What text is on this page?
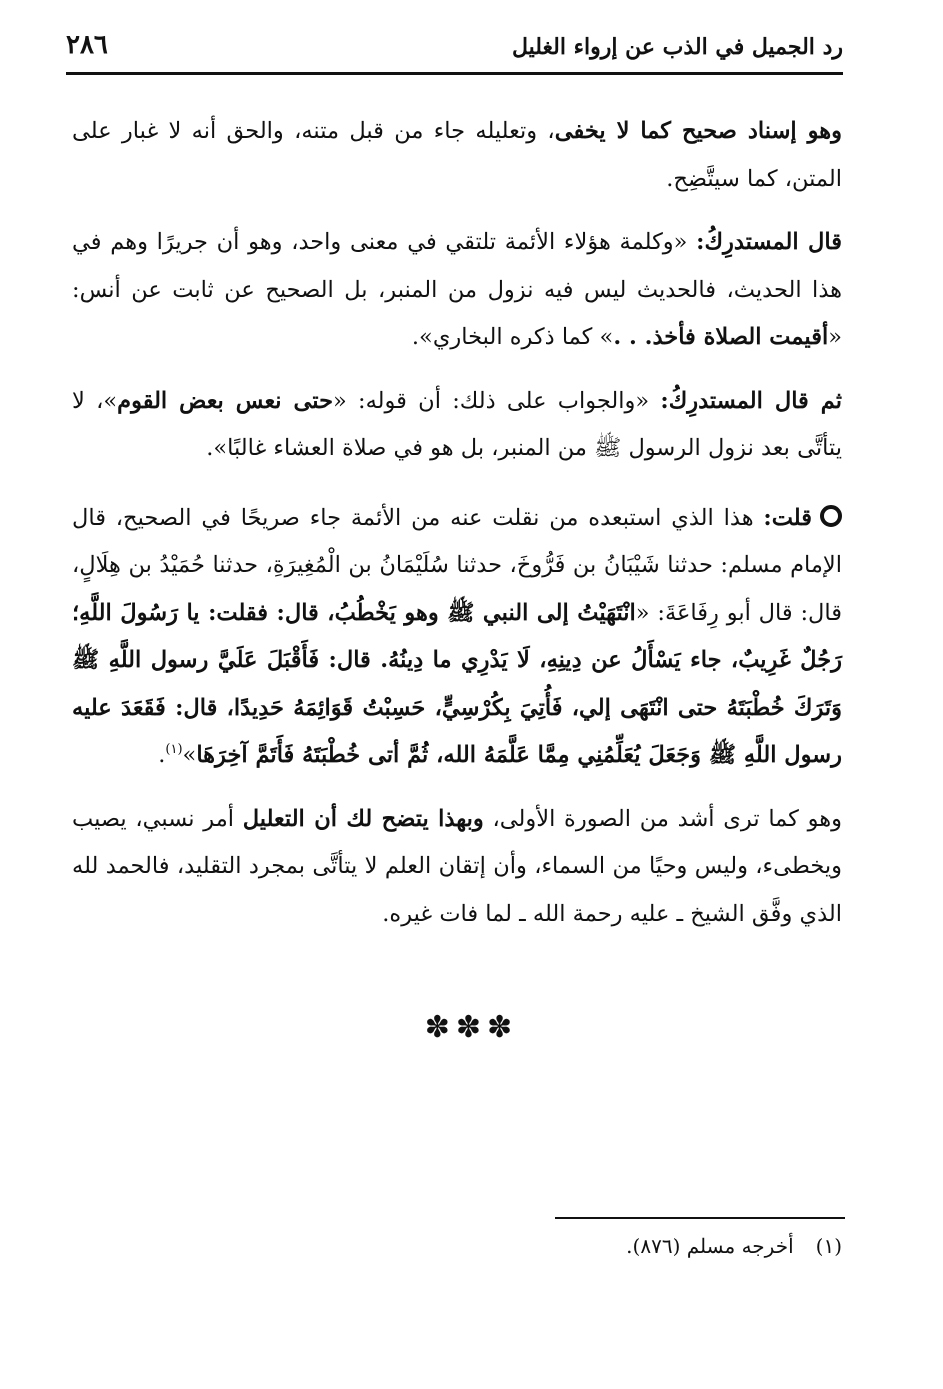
٢٨٦	رد الجميل في الذب عن إرواء الغليل

وهو إسناد صحيح كما لا يخفى، وتعليله جاء من قبل متنه، والحق أنه لا غبار على المتن، كما سيتَّضِح.

قال المستدرِكُ: «وكلمة هؤلاء الأئمة تلتقي في معنى واحد، وهو أن جريرًا وهم في هذا الحديث، فالحديث ليس فيه نزول من المنبر، بل الصحيح عن ثابت عن أنس: «أقيمت الصلاة فأخذ. . .» كما ذكره البخاري».

ثم قال المستدرِكُ: «والجواب على ذلك: أن قوله: «حتى نعس بعض القوم»، لا يتأتَّى بعد نزول الرسول ﷺ من المنبر، بل هو في صلاة العشاء غالبًا».

قلت: هذا الذي استبعده من نقلت عنه من الأئمة جاء صريحًا في الصحيح، قال الإمام مسلم: حدثنا شَيْبَانُ بن فَرُّوخَ، حدثنا سُلَيْمَانُ بن الْمُغِيرَةِ، حدثنا حُمَيْدُ بن هِلَالٍ، قال: قال أبو رِفَاعَةَ: «انْتَهَيْتُ إلى النبي ﷺ وهو يَخْطُبُ، قال: فقلت: يا رَسُولَ اللَّهِ؛ رَجُلٌ غَرِيبٌ، جاء يَسْأَلُ عن دِينِهِ، لَا يَدْرِي ما دِينُهُ. قال: فَأَقْبَلَ عَلَيَّ رسول اللَّهِ ﷺ وَتَرَكَ خُطْبَتَهُ حتى انْتَهَى إلي، فَأُتِيَ بِكُرْسِيٍّ، حَسِبْتُ قَوَائِمَهُ حَدِيدًا، قال: فَقَعَدَ عليه رسول اللَّهِ ﷺ وَجَعَلَ يُعَلِّمُنِي مِمَّا عَلَّمَهُ الله، ثُمَّ أتى خُطْبَتَهُ فَأَتَمَّ آخِرَهَا»$^{(١)}$.

وهو كما ترى أشد من الصورة الأولى، وبهذا يتضح لك أن التعليل أمر نسبي، يصيب ويخطىء، وليس وحيًا من السماء، وأن إتقان العلم لا يتأتَّى بمجرد التقليد، فالحمد لله الذي وفَّق الشيخ ـ عليه رحمة الله ـ لما فات غيره.

✽✽✽
(١)أخرجه مسلم (٨٧٦).
